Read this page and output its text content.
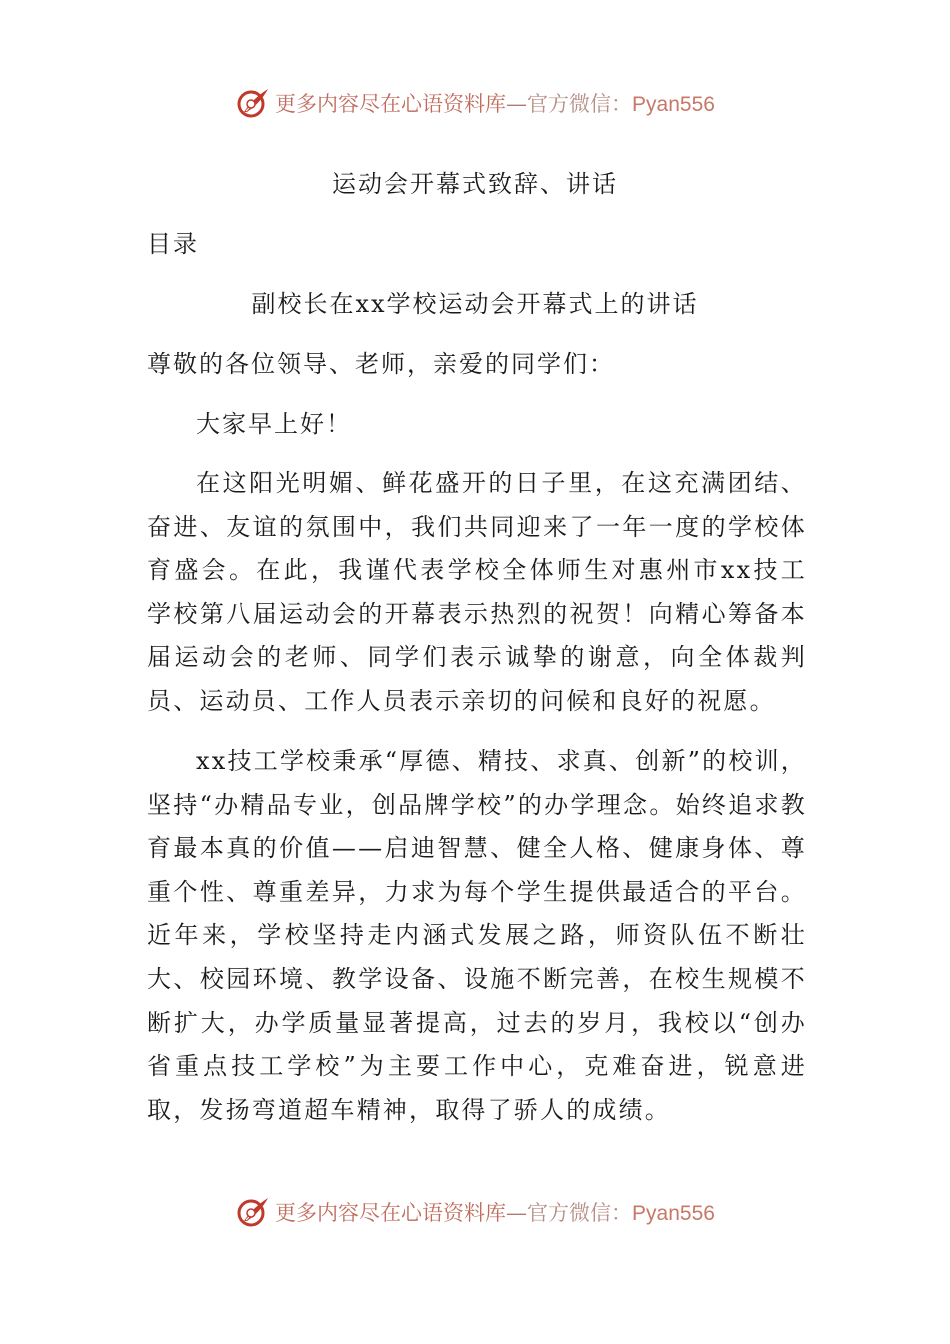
更多内容尽在心语资料库—官方微信：Pyan556
运动会开幕式致辞、讲话
目录
副校长在xx学校运动会开幕式上的讲话
尊敬的各位领导、老师，亲爱的同学们：
大家早上好！

在这阳光明媚、鲜花盛开的日子里，在这充满团结、奋进、友谊的氛围中，我们共同迎来了一年一度的学校体育盛会。在此，我谨代表学校全体师生对惠州市xx技工学校第八届运动会的开幕表示热烈的祝贺！向精心筹备本届运动会的老师、同学们表示诚挚的谢意，向全体裁判员、运动员、工作人员表示亲切的问候和良好的祝愿。

xx技工学校秉承“厚德、精技、求真、创新”的校训，坚持“办精品专业，创品牌学校”的办学理念。始终追求教育最本真的价值——启迪智慧、健全人格、健康身体、尊重个性、尊重差异，力求为每个学生提供最适合的平台。近年来，学校坚持走内涵式发展之路，师资队伍不断壮大、校园环境、教学设备、设施不断完善，在校生规模不断扩大，办学质量显著提高，过去的岁月，我校以“创办省重点技工学校”为主要工作中心，克难奋进，锐意进取，发扬弯道超车精神，取得了骄人的成绩。

更多内容尽在心语资料库—官方微信：Pyan556
